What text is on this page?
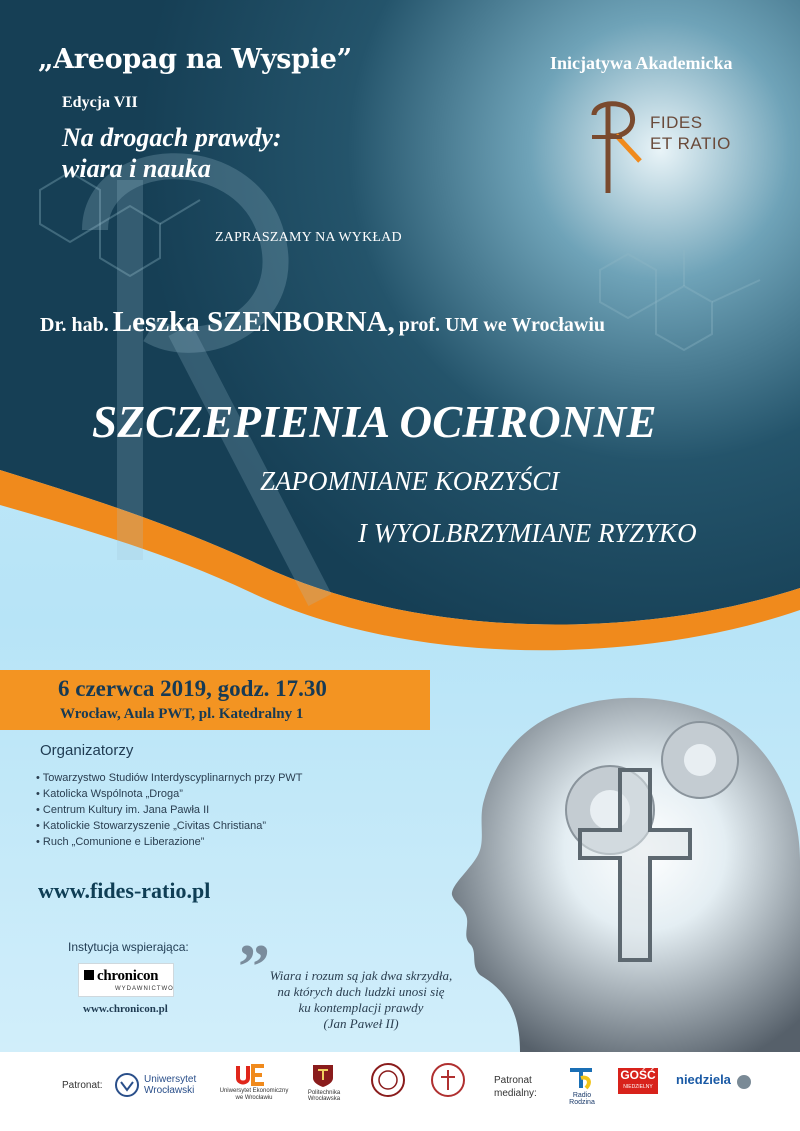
„Areopag na Wyspie”
Edycja VII
Na drogach prawdy:
wiara i nauka
Inicjatywa Akademicka
FIDES
ET RATIO
ZAPRASZAMY NA WYKŁAD
Dr. hab. Leszka SZENBORNA, prof. UM we Wrocławiu
SZCZEPIENIA OCHRONNE
ZAPOMNIANE KORZYŚCI
I WYOLBRZYMIANE RYZYKO
6 czerwca 2019, godz. 17.30
Wrocław, Aula PWT, pl. Katedralny 1
Organizatorzy
• Towarzystwo Studiów Interdyscyplinarnych przy PWT
• Katolicka Wspólnota „Droga”
• Centrum Kultury im. Jana Pawła II
• Katolickie Stowarzyszenie „Civitas Christiana”
• Ruch „Comunione e Liberazione”
www.fides-ratio.pl
Instytucja wspierająca:
chronicon
WYDAWNICTWO
www.chronicon.pl
” Wiara i rozum są jak dwa skrzydła,
na których duch ludzki unosi się
ku kontemplacji prawdy
(Jan Paweł II)
Patronat:
Uniwersytet
Wrocławski	Uniwersytet Ekonomiczny
we Wrocławiu
Politechnika Wrocławska
Patronat
medialny:	Radio Rodzina
GOŚĆ
NIEDZIELNY	niedziela
